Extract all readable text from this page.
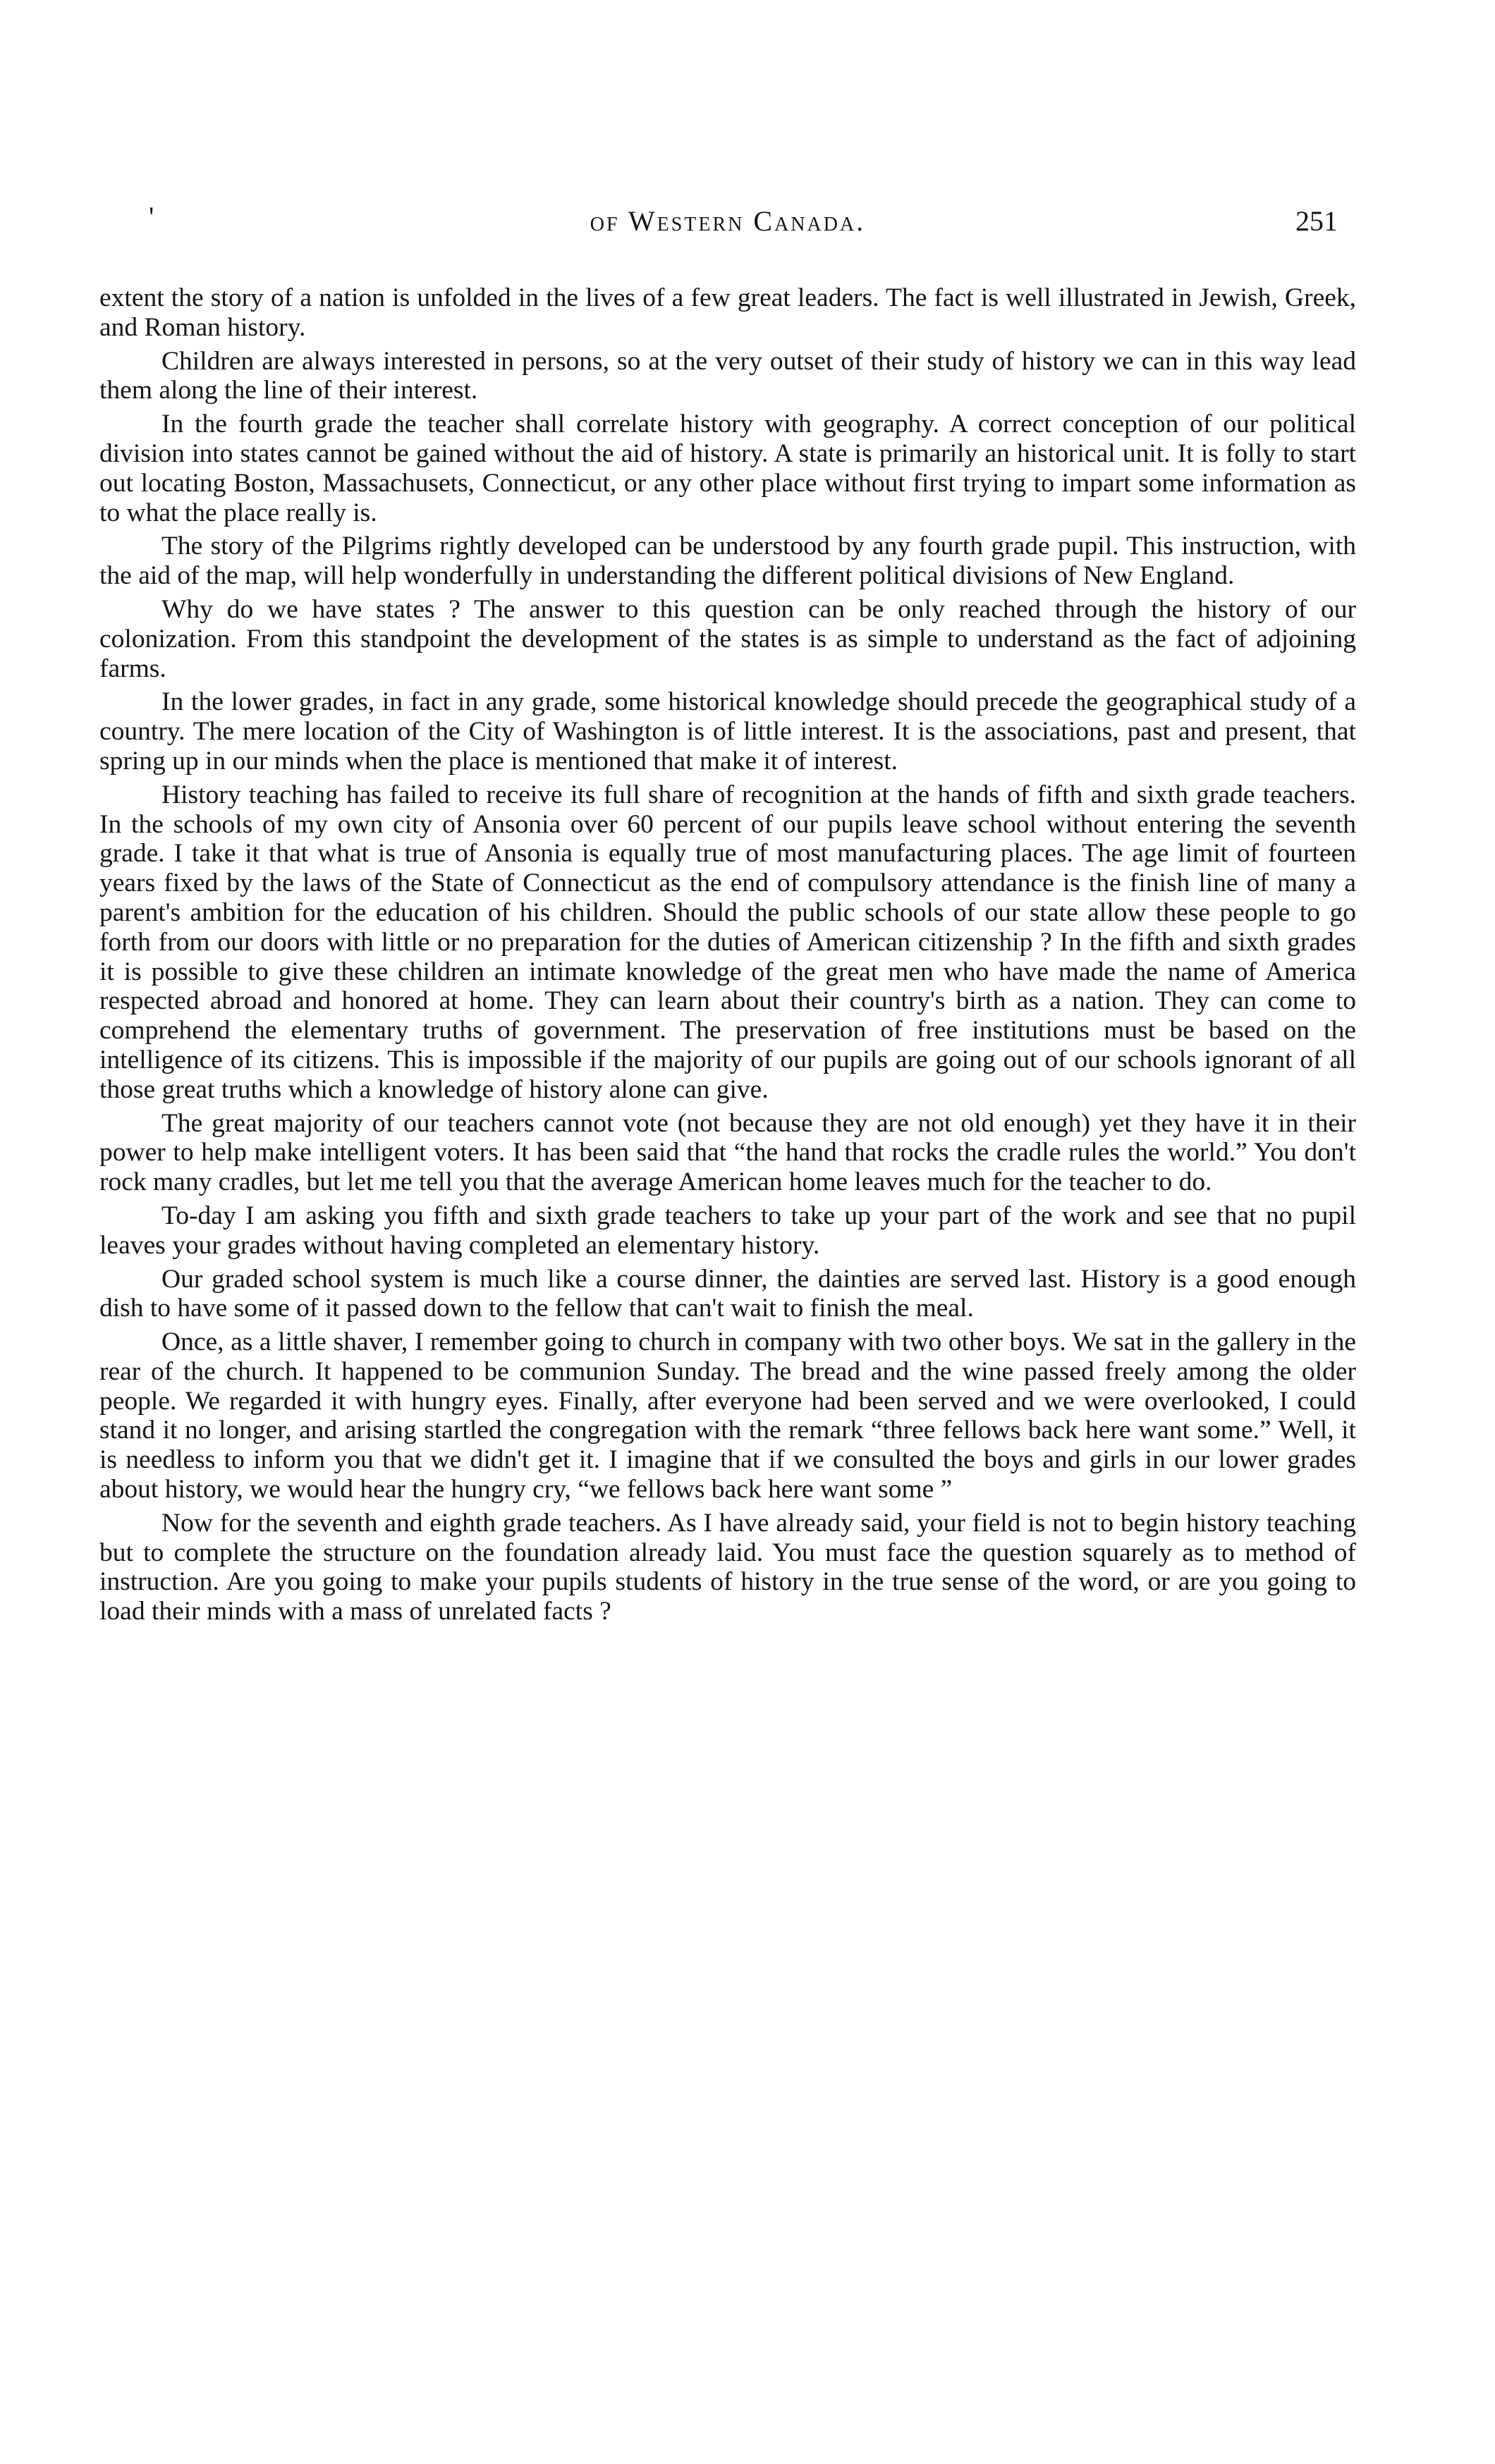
'	of Western Canada.	251

extent the story of a nation is unfolded in the lives of a few great leaders. The fact is well illustrated in Jewish, Greek, and Roman history.

Children are always interested in persons, so at the very outset of their study of history we can in this way lead them along the line of their interest.

In the fourth grade the teacher shall correlate history with geography. A correct conception of our political division into states cannot be gained without the aid of history. A state is primarily an historical unit. It is folly to start out locating Boston, Massachusets, Connecticut, or any other place without first trying to impart some information as to what the place really is.

The story of the Pilgrims rightly developed can be understood by any fourth grade pupil. This instruction, with the aid of the map, will help wonderfully in understanding the different political divisions of New England.

Why do we have states ? The answer to this question can be only reached through the history of our colonization. From this standpoint the development of the states is as simple to understand as the fact of adjoining farms.

In the lower grades, in fact in any grade, some historical knowledge should precede the geographical study of a country. The mere location of the City of Washington is of little interest. It is the associations, past and present, that spring up in our minds when the place is mentioned that make it of interest.

History teaching has failed to receive its full share of recognition at the hands of fifth and sixth grade teachers. In the schools of my own city of Ansonia over 60 percent of our pupils leave school without entering the seventh grade. I take it that what is true of Ansonia is equally true of most manufacturing places. The age limit of fourteen years fixed by the laws of the State of Connecticut as the end of compulsory attendance is the finish line of many a parent's ambition for the education of his children. Should the public schools of our state allow these people to go forth from our doors with little or no preparation for the duties of American citizenship ? In the fifth and sixth grades it is possible to give these children an intimate knowledge of the great men who have made the name of America respected abroad and honored at home. They can learn about their country's birth as a nation. They can come to comprehend the elementary truths of government. The preservation of free institutions must be based on the intelligence of its citizens. This is impossible if the majority of our pupils are going out of our schools ignorant of all those great truths which a knowledge of history alone can give.

The great majority of our teachers cannot vote (not because they are not old enough) yet they have it in their power to help make intelligent voters. It has been said that “the hand that rocks the cradle rules the world.” You don't rock many cradles, but let me tell you that the average American home leaves much for the teacher to do.

To-day I am asking you fifth and sixth grade teachers to take up your part of the work and see that no pupil leaves your grades without having completed an elementary history.

Our graded school system is much like a course dinner, the dainties are served last. History is a good enough dish to have some of it passed down to the fellow that can't wait to finish the meal.

Once, as a little shaver, I remember going to church in company with two other boys. We sat in the gallery in the rear of the church. It happened to be communion Sunday. The bread and the wine passed freely among the older people. We regarded it with hungry eyes. Finally, after everyone had been served and we were overlooked, I could stand it no longer, and arising startled the congregation with the remark “three fellows back here want some.” Well, it is needless to inform you that we didn't get it. I imagine that if we consulted the boys and girls in our lower grades about history, we would hear the hungry cry, “we fellows back here want some ”

Now for the seventh and eighth grade teachers. As I have already said, your field is not to begin history teaching but to complete the structure on the foundation already laid. You must face the question squarely as to method of instruction. Are you going to make your pupils students of history in the true sense of the word, or are you going to load their minds with a mass of unrelated facts ?
